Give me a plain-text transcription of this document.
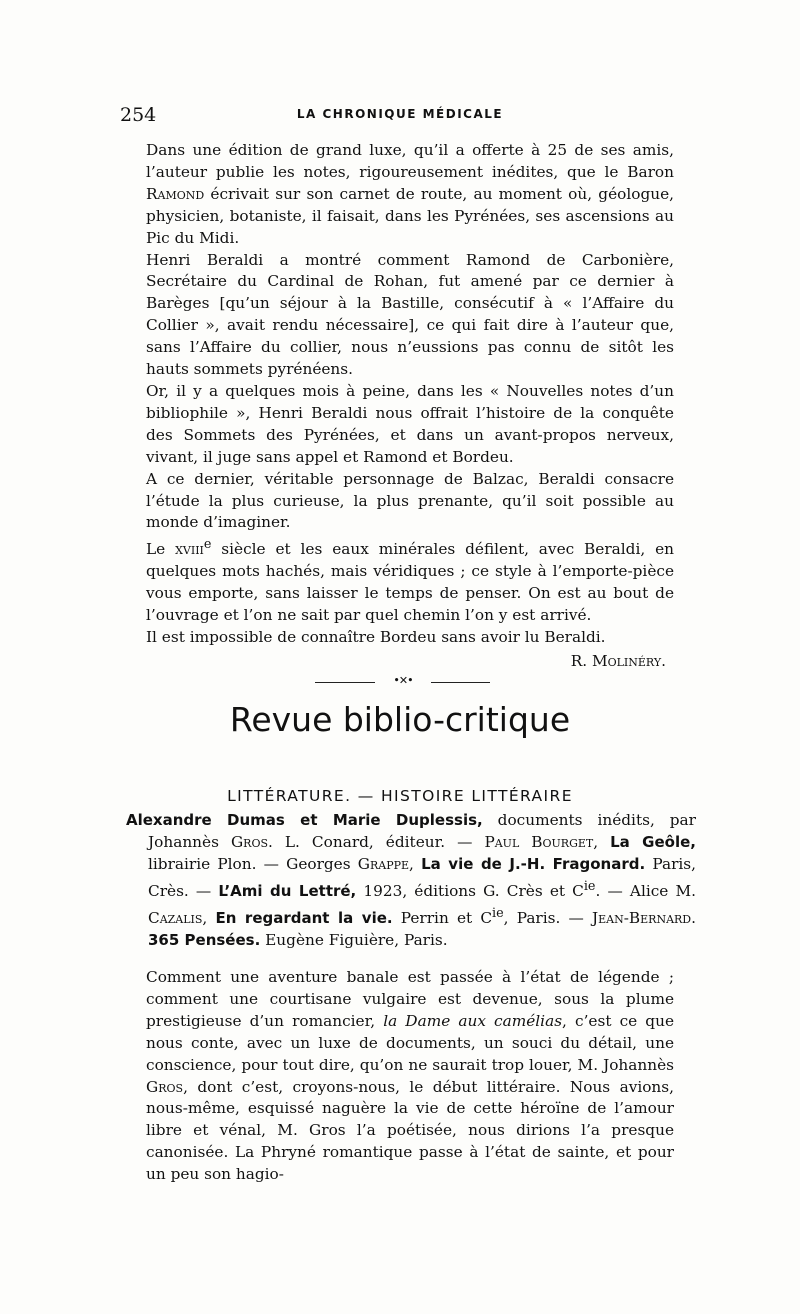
254	LA CHRONIQUE MÉDICALE

Dans une édition de grand luxe, qu’il a offerte à 25 de ses amis, l’auteur publie les notes, rigoureusement inédites, que le Baron Ramond écrivait sur son carnet de route, au moment où, géologue, physicien, botaniste, il faisait, dans les Pyrénées, ses ascensions au Pic du Midi.

Henri Beraldi a montré comment Ramond de Carbonière, Secrétaire du Cardinal de Rohan, fut amené par ce dernier à Barèges [qu’un séjour à la Bastille, consécutif à « l’Affaire du Collier », avait rendu nécessaire], ce qui fait dire à l’auteur que, sans l’Affaire du collier, nous n’eussions pas connu de sitôt les hauts sommets pyrénéens.

Or, il y a quelques mois à peine, dans les « Nouvelles notes d’un bibliophile », Henri Beraldi nous offrait l’histoire de la conquête des Sommets des Pyrénées, et dans un avant-propos nerveux, vivant, il juge sans appel et Ramond et Bordeu.

A ce dernier, véritable personnage de Balzac, Beraldi consacre l’étude la plus curieuse, la plus prenante, qu’il soit possible au monde d’imaginer.

Le xviii$^e$ siècle et les eaux minérales défilent, avec Beraldi, en quelques mots hachés, mais véridiques ; ce style à l’emporte-pièce vous emporte, sans laisser le temps de penser. On est au bout de l’ouvrage et l’on ne sait par quel chemin l’on y est arrivé.

Il est impossible de connaître Bordeu sans avoir lu Beraldi.

R. Molinéry.

•✕•
Revue biblio-critique
LITTÉRATURE. — HISTOIRE LITTÉRAIRE
Alexandre Dumas et Marie Duplessis, documents inédits, par Johannès Gros. L. Conard, éditeur. — Paul Bourget, La Geôle, librairie Plon. — Georges Grappe, La vie de J.-H. Fragonard. Paris, Crès. — L’Ami du Lettré, 1923, éditions G. Crès et $C^{ie}$. — Alice M. Cazalis, En regardant la vie. Perrin et $C^{ie}$, Paris. — Jean-Bernard. 365 Pensées. Eugène Figuière, Paris.

Comment une aventure banale est passée à l’état de légende ; comment une courtisane vulgaire est devenue, sous la plume prestigieuse d’un romancier, la Dame aux camélias, c’est ce que nous conte, avec un luxe de documents, un souci du détail, une conscience, pour tout dire, qu’on ne saurait trop louer, M. Johannès Gros, dont c’est, croyons-nous, le début littéraire. Nous avions, nous-même, esquissé naguère la vie de cette héroïne de l’amour libre et vénal, M. Gros l’a poétisée, nous dirions l’a presque canonisée. La Phryné romantique passe à l’état de sainte, et pour un peu son hagio-
